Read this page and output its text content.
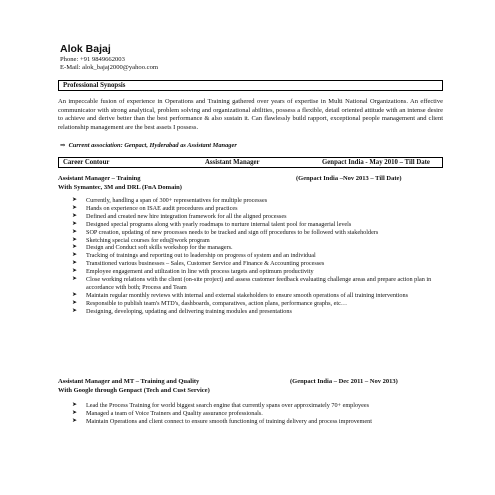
Alok Bajaj
Phone: +91 9849662003
E-Mail: alok_bajaj2000@yahoo.com
Professional Synopsis
An impeccable fusion of experience in Operations and Training gathered over years of expertise in Multi National Organizations. An effective communicator with strong analytical, problem solving and organizational abilities, possess a flexible, detail oriented attitude with an intense desire to achieve and derive better than the best performance & also sustain it. Can flawlessly build rapport, exceptional people management and client relationship management are the best assets I possess.
⇒ Current association: Genpact, Hyderabad as Assistant Manager
Career Contour	Assistant Manager	Genpact India - May 2010 – Till Date
Assistant Manager – Training	(Genpact India –Nov 2013 – Till Date)
With Symantec, 3M and DRL (FnA Domain)
➤ Currently, handling a span of 300+ representatives for multiple processes
➤ Hands on experience on ISAE audit procedures and practices
➤ Defined and created new hire integration framework for all the aligned processes
➤ Designed special programs along with yearly roadmaps to nurture internal talent pool for managerial levels
➤ SOP creation, updating of new processes needs to be tracked and sign off procedures to be followed with stakeholders
➤ Sketching special courses for edu@work program
➤ Design and Conduct soft skills workshop for the managers.
➤ Tracking of trainings and reporting out to leadership on progress of system and an individual
➤ Transitioned various businesses – Sales, Customer Service and Finance & Accounting processes
➤ Employee engagement and utilization in line with process targets and optimum productivity
➤ Close working relations with the client (on-site project) and assess customer feedback evaluating challenge areas and prepare action plan in accordance with both; Process and Team
➤ Maintain regular monthly reviews with internal and external stakeholders to ensure smooth operations of all training interventions
➤ Responsible to publish team's MTD's, dashboards, comparatives, action plans, performance graphs, etc…
➤ Designing, developing, updating and delivering training modules and presentations
Assistant Manager and MT – Training and Quality	(Genpact India – Dec 2011 – Nov 2013)
With Google through Genpact (Tech and Cust Service)
➤ Lead the Process Training for world biggest search engine that currently spans over approximately 70+ employees
➤ Managed a team of Voice Trainers and Quality assurance professionals.
➤ Maintain Operations and client connect to ensure smooth functioning of training delivery and process improvement
